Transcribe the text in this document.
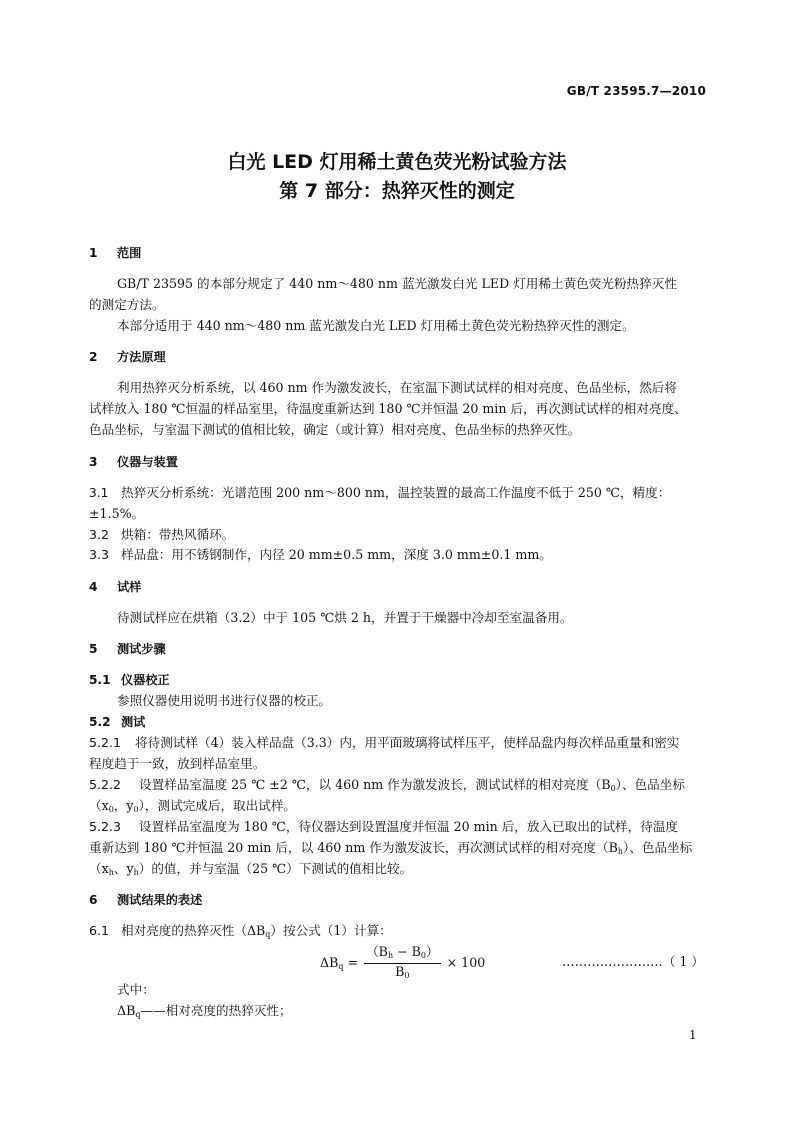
GB/T 23595.7—2010
白光 LED 灯用稀土黄色荧光粉试验方法
第 7 部分：热猝灭性的测定
1 范围
GB/T 23595 的本部分规定了 440 nm～480 nm 蓝光激发白光 LED 灯用稀土黄色荧光粉热猝灭性
的测定方法。
本部分适用于 440 nm～480 nm 蓝光激发白光 LED 灯用稀土黄色荧光粉热猝灭性的测定。
2 方法原理
利用热猝灭分析系统，以 460 nm 作为激发波长，在室温下测试试样的相对亮度、色品坐标，然后将
试样放入 180 ℃恒温的样品室里，待温度重新达到 180 ℃并恒温 20 min 后，再次测试试样的相对亮度、
色品坐标，与室温下测试的值相比较，确定（或计算）相对亮度、色品坐标的热猝灭性。
3 仪器与装置
3.1 热猝灭分析系统：光谱范围 200 nm～800 nm，温控装置的最高工作温度不低于 250 ℃，精度：
±1.5%。
3.2 烘箱：带热风循环。
3.3 样品盘：用不锈钢制作，内径 20 mm±0.5 mm，深度 3.0 mm±0.1 mm。
4 试样
待测试样应在烘箱（3.2）中于 105 ℃烘 2 h，并置于干燥器中冷却至室温备用。
5 测试步骤
5.1 仪器校正
参照仪器使用说明书进行仪器的校正。
5.2 测试
5.2.1 将待测试样（4）装入样品盘（3.3）内，用平面玻璃将试样压平，使样品盘内每次样品重量和密实
程度趋于一致，放到样品室里。
5.2.2 设置样品室温度 25 ℃ ±2 ℃，以 460 nm 作为激发波长，测试试样的相对亮度$(B_0)$、色品坐标
（$x_0$，$y_0$），测试完成后，取出试样。
5.2.3 设置样品室温度为 180 ℃，待仪器达到设置温度并恒温 20 min 后，放入已取出的试样，待温度
重新达到 180 ℃并恒温 20 min 后，以 460 nm 作为激发波长，再次测试试样的相对亮度$(B_h)$、色品坐标
（$x_h$、$y_h$）的值，并与室温（25 ℃）下测试的值相比较。
6 测试结果的表述
6.1 相对亮度的热猝灭性$(\Delta B_q)$按公式（1）计算：
$\Delta B_q = \frac{(B_h - B_0)}{B_0} \times 100$	……………………（ 1 ）
式中：
$\Delta B_q——$相对亮度的热猝灭性；
1
